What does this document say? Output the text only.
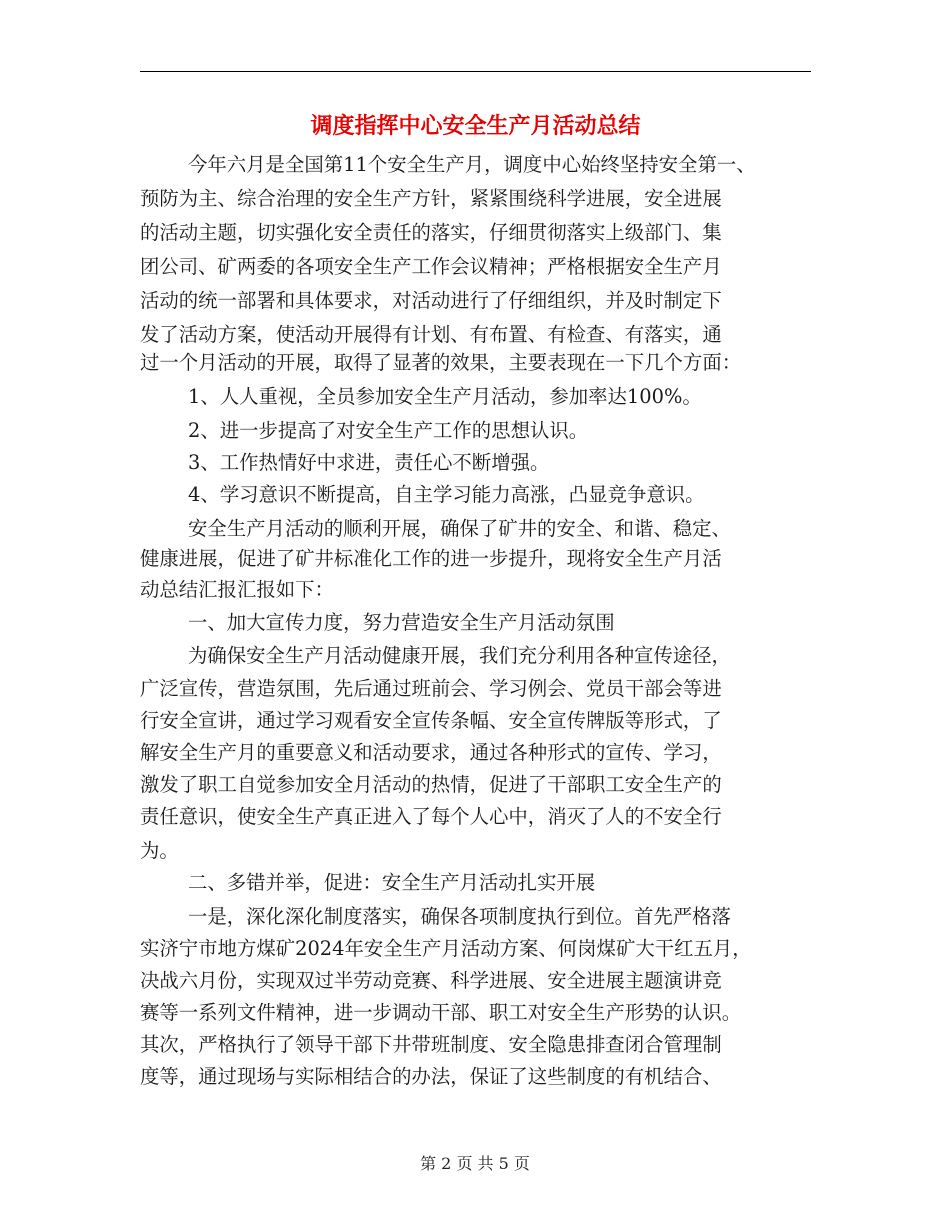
调度指挥中心安全生产月活动总结
今年六月是全国第11个安全生产月，调度中心始终坚持安全第一、
预防为主、综合治理的安全生产方针，紧紧围绕科学进展，安全进展
的活动主题，切实强化安全责任的落实，仔细贯彻落实上级部门、集
团公司、矿两委的各项安全生产工作会议精神；严格根据安全生产月
活动的统一部署和具体要求，对活动进行了仔细组织，并及时制定下
发了活动方案，使活动开展得有计划、有布置、有检查、有落实，通
过一个月活动的开展，取得了显著的效果，主要表现在一下几个方面：
1、人人重视，全员参加安全生产月活动，参加率达100%。
2、进一步提高了对安全生产工作的思想认识。
3、工作热情好中求进，责任心不断增强。
4、学习意识不断提高，自主学习能力高涨，凸显竞争意识。
安全生产月活动的顺利开展，确保了矿井的安全、和谐、稳定、
健康进展，促进了矿井标准化工作的进一步提升，现将安全生产月活
动总结汇报汇报如下：
一、加大宣传力度，努力营造安全生产月活动氛围
为确保安全生产月活动健康开展，我们充分利用各种宣传途径，
广泛宣传，营造氛围，先后通过班前会、学习例会、党员干部会等进
行安全宣讲，通过学习观看安全宣传条幅、安全宣传牌版等形式，了
解安全生产月的重要意义和活动要求，通过各种形式的宣传、学习，
激发了职工自觉参加安全月活动的热情，促进了干部职工安全生产的
责任意识，使安全生产真正进入了每个人心中，消灭了人的不安全行
为。
二、多错并举，促进：安全生产月活动扎实开展
一是，深化深化制度落实，确保各项制度执行到位。首先严格落
实济宁市地方煤矿2024年安全生产月活动方案、何岗煤矿大干红五月，
决战六月份，实现双过半劳动竞赛、科学进展、安全进展主题演讲竞
赛等一系列文件精神，进一步调动干部、职工对安全生产形势的认识。
其次，严格执行了领导干部下井带班制度、安全隐患排查闭合管理制
度等，通过现场与实际相结合的办法，保证了这些制度的有机结合、
第 2 页 共 5 页
